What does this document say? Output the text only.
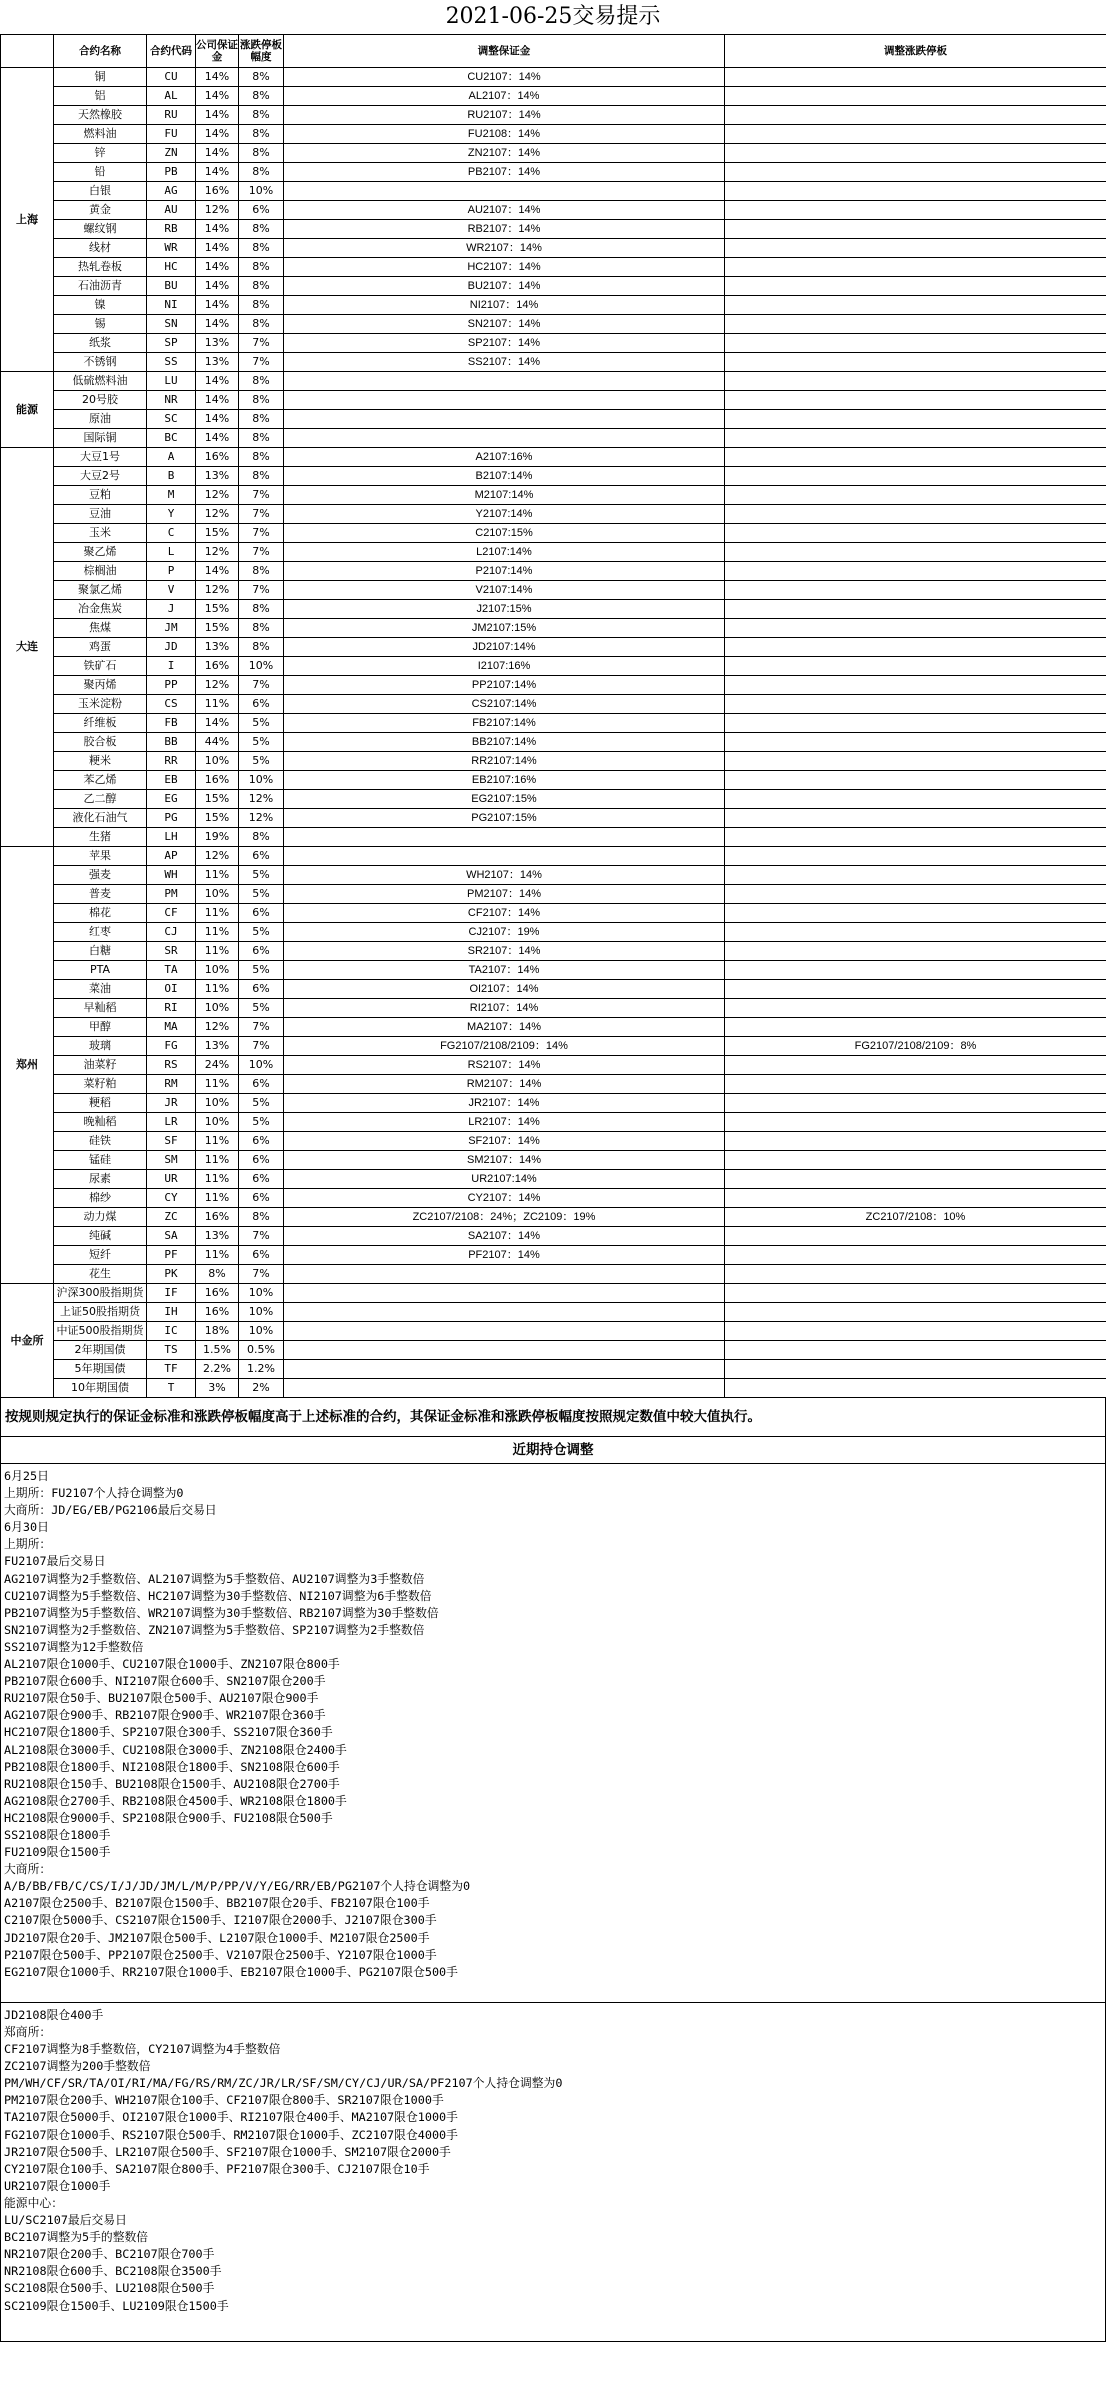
2021-06-25交易提示
	合约名称	合约代码	公司保证金	涨跌停板幅度	调整保证金	调整涨跌停板
上海	铜	CU	14%	8%	CU2107：14%	
	铝	AL	14%	8%	AL2107：14%	
	天然橡胶	RU	14%	8%	RU2107：14%	
	燃料油	FU	14%	8%	FU2108：14%	
	锌	ZN	14%	8%	ZN2107：14%	
	铅	PB	14%	8%	PB2107：14%	
	白银	AG	16%	10%		
	黄金	AU	12%	6%	AU2107：14%	
	螺纹钢	RB	14%	8%	RB2107：14%	
	线材	WR	14%	8%	WR2107：14%	
	热轧卷板	HC	14%	8%	HC2107：14%	
	石油沥青	BU	14%	8%	BU2107：14%	
	镍	NI	14%	8%	NI2107：14%	
	锡	SN	14%	8%	SN2107：14%	
	纸浆	SP	13%	7%	SP2107：14%	
	不锈钢	SS	13%	7%	SS2107：14%	
能源	低硫燃料油	LU	14%	8%		
	20号胶	NR	14%	8%		
	原油	SC	14%	8%		
	国际铜	BC	14%	8%		
大连	大豆1号	A	16%	8%	A2107:16%	
	大豆2号	B	13%	8%	B2107:14%	
	豆粕	M	12%	7%	M2107:14%	
	豆油	Y	12%	7%	Y2107:14%	
	玉米	C	15%	7%	C2107:15%	
	聚乙烯	L	12%	7%	L2107:14%	
	棕榈油	P	14%	8%	P2107:14%	
	聚氯乙烯	V	12%	7%	V2107:14%	
	冶金焦炭	J	15%	8%	J2107:15%	
	焦煤	JM	15%	8%	JM2107:15%	
	鸡蛋	JD	13%	8%	JD2107:14%	
	铁矿石	I	16%	10%	I2107:16%	
	聚丙烯	PP	12%	7%	PP2107:14%	
	玉米淀粉	CS	11%	6%	CS2107:14%	
	纤维板	FB	14%	5%	FB2107:14%	
	胶合板	BB	44%	5%	BB2107:14%	
	粳米	RR	10%	5%	RR2107:14%	
	苯乙烯	EB	16%	10%	EB2107:16%	
	乙二醇	EG	15%	12%	EG2107:15%	
	液化石油气	PG	15%	12%	PG2107:15%	
	生猪	LH	19%	8%		
郑州	苹果	AP	12%	6%		
	强麦	WH	11%	5%	WH2107：14%	
	普麦	PM	10%	5%	PM2107：14%	
	棉花	CF	11%	6%	CF2107：14%	
	红枣	CJ	11%	5%	CJ2107：19%	
	白糖	SR	11%	6%	SR2107：14%	
	PTA	TA	10%	5%	TA2107：14%	
	菜油	OI	11%	6%	OI2107：14%	
	早籼稻	RI	10%	5%	RI2107：14%	
	甲醇	MA	12%	7%	MA2107：14%	
	玻璃	FG	13%	7%	FG2107/2108/2109：14%	FG2107/2108/2109：8%
	油菜籽	RS	24%	10%	RS2107：14%	
	菜籽粕	RM	11%	6%	RM2107：14%	
	粳稻	JR	10%	5%	JR2107：14%	
	晚籼稻	LR	10%	5%	LR2107：14%	
	硅铁	SF	11%	6%	SF2107：14%	
	锰硅	SM	11%	6%	SM2107：14%	
	尿素	UR	11%	6%	UR2107:14%	
	棉纱	CY	11%	6%	CY2107：14%	
	动力煤	ZC	16%	8%	ZC2107/2108：24%；ZC2109：19%	ZC2107/2108：10%
	纯碱	SA	13%	7%	SA2107：14%	
	短纤	PF	11%	6%	PF2107：14%	
	花生	PK	8%	7%		
中金所	沪深300股指期货	IF	16%	10%		
	上证50股指期货	IH	16%	10%		
	中证500股指期货	IC	18%	10%		
	2年期国债	TS	1.5%	0.5%		
	5年期国债	TF	2.2%	1.2%		
	10年期国债	T	3%	2%		
按规则规定执行的保证金标准和涨跌停板幅度高于上述标准的合约，其保证金标准和涨跌停板幅度按照规定数值中较大值执行。
近期持仓调整
6月25日
上期所：FU2107个人持仓调整为0
大商所：JD/EG/EB/PG2106最后交易日
6月30日
上期所：
FU2107最后交易日
AG2107调整为2手整数倍、AL2107调整为5手整数倍、AU2107调整为3手整数倍
CU2107调整为5手整数倍、HC2107调整为30手整数倍、NI2107调整为6手整数倍
PB2107调整为5手整数倍、WR2107调整为30手整数倍、RB2107调整为30手整数倍
SN2107调整为2手整数倍、ZN2107调整为5手整数倍、SP2107调整为2手整数倍
SS2107调整为12手整数倍
AL2107限仓1000手、CU2107限仓1000手、ZN2107限仓800手
PB2107限仓600手、NI2107限仓600手、SN2107限仓200手
RU2107限仓50手、BU2107限仓500手、AU2107限仓900手
AG2107限仓900手、RB2107限仓900手、WR2107限仓360手
HC2107限仓1800手、SP2107限仓300手、SS2107限仓360手
AL2108限仓3000手、CU2108限仓3000手、ZN2108限仓2400手
PB2108限仓1800手、NI2108限仓1800手、SN2108限仓600手
RU2108限仓150手、BU2108限仓1500手、AU2108限仓2700手
AG2108限仓2700手、RB2108限仓4500手、WR2108限仓1800手
HC2108限仓9000手、SP2108限仓900手、FU2108限仓500手
SS2108限仓1800手
FU2109限仓1500手
大商所：
A/B/BB/FB/C/CS/I/J/JD/JM/L/M/P/PP/V/Y/EG/RR/EB/PG2107个人持仓调整为0
A2107限仓2500手、B2107限仓1500手、BB2107限仓20手、FB2107限仓100手
C2107限仓5000手、CS2107限仓1500手、I2107限仓2000手、J2107限仓300手
JD2107限仓20手、JM2107限仓500手、L2107限仓1000手、M2107限仓2500手
P2107限仓500手、PP2107限仓2500手、V2107限仓2500手、Y2107限仓1000手
EG2107限仓1000手、RR2107限仓1000手、EB2107限仓1000手、PG2107限仓500手
JD2108限仓400手
郑商所：
CF2107调整为8手整数倍，CY2107调整为4手整数倍
ZC2107调整为200手整数倍
PM/WH/CF/SR/TA/OI/RI/MA/FG/RS/RM/ZC/JR/LR/SF/SM/CY/CJ/UR/SA/PF2107个人持仓调整为0
PM2107限仓200手、WH2107限仓100手、CF2107限仓800手、SR2107限仓1000手
TA2107限仓5000手、OI2107限仓1000手、RI2107限仓400手、MA2107限仓1000手
FG2107限仓1000手、RS2107限仓500手、RM2107限仓1000手、ZC2107限仓4000手
JR2107限仓500手、LR2107限仓500手、SF2107限仓1000手、SM2107限仓2000手
CY2107限仓100手、SA2107限仓800手、PF2107限仓300手、CJ2107限仓10手
UR2107限仓1000手
能源中心：
LU/SC2107最后交易日
BC2107调整为5手的整数倍
NR2107限仓200手、BC2107限仓700手
NR2108限仓600手、BC2108限仓3500手
SC2108限仓500手、LU2108限仓500手
SC2109限仓1500手、LU2109限仓1500手
